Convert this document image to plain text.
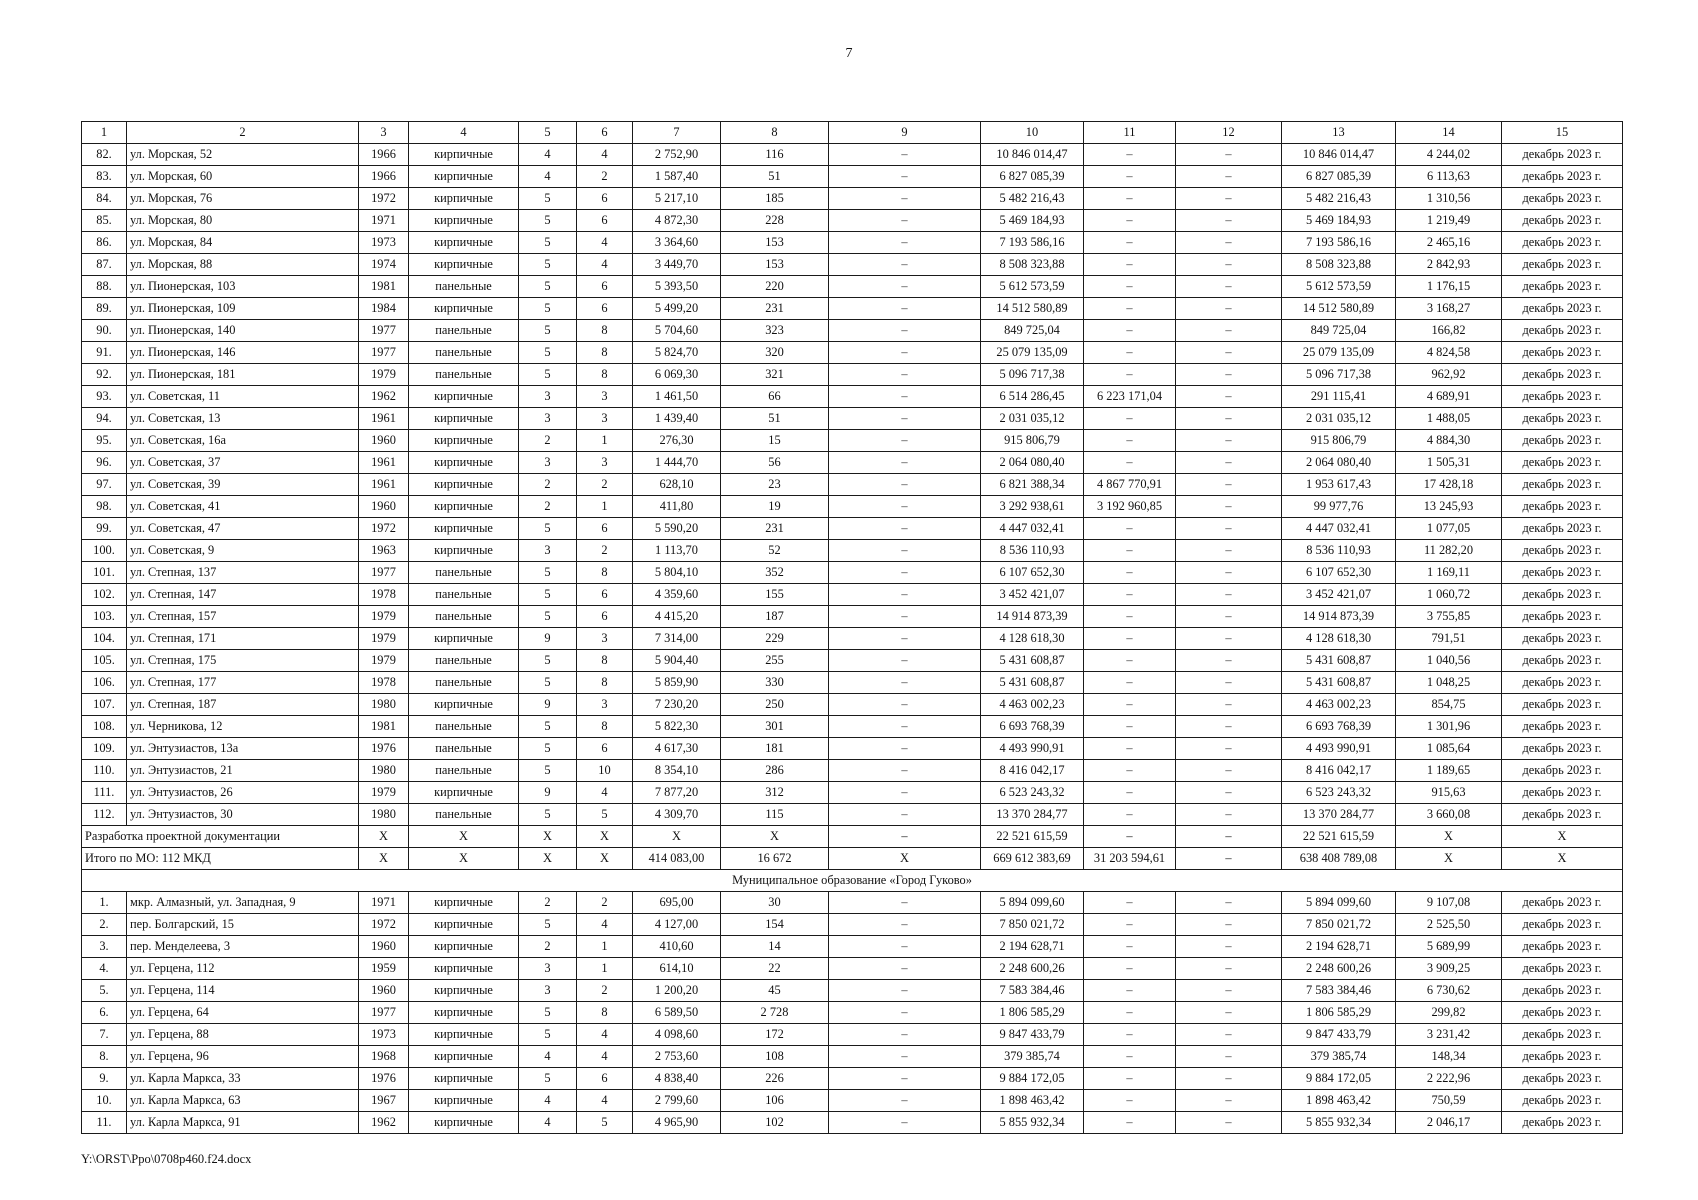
7
1	2	3	4	5	6	7	8	9	10	11	12	13	14	15
82.	ул. Морская, 52	1966	кирпичные	4	4	2 752,90	116	–	10 846 014,47	–	–	10 846 014,47	4 244,02	декабрь 2023 г.
83.	ул. Морская, 60	1966	кирпичные	4	2	1 587,40	51	–	6 827 085,39	–	–	6 827 085,39	6 113,63	декабрь 2023 г.
84.	ул. Морская, 76	1972	кирпичные	5	6	5 217,10	185	–	5 482 216,43	–	–	5 482 216,43	1 310,56	декабрь 2023 г.
85.	ул. Морская, 80	1971	кирпичные	5	6	4 872,30	228	–	5 469 184,93	–	–	5 469 184,93	1 219,49	декабрь 2023 г.
86.	ул. Морская, 84	1973	кирпичные	5	4	3 364,60	153	–	7 193 586,16	–	–	7 193 586,16	2 465,16	декабрь 2023 г.
87.	ул. Морская, 88	1974	кирпичные	5	4	3 449,70	153	–	8 508 323,88	–	–	8 508 323,88	2 842,93	декабрь 2023 г.
88.	ул. Пионерская, 103	1981	панельные	5	6	5 393,50	220	–	5 612 573,59	–	–	5 612 573,59	1 176,15	декабрь 2023 г.
89.	ул. Пионерская, 109	1984	кирпичные	5	6	5 499,20	231	–	14 512 580,89	–	–	14 512 580,89	3 168,27	декабрь 2023 г.
90.	ул. Пионерская, 140	1977	панельные	5	8	5 704,60	323	–	849 725,04	–	–	849 725,04	166,82	декабрь 2023 г.
91.	ул. Пионерская, 146	1977	панельные	5	8	5 824,70	320	–	25 079 135,09	–	–	25 079 135,09	4 824,58	декабрь 2023 г.
92.	ул. Пионерская, 181	1979	панельные	5	8	6 069,30	321	–	5 096 717,38	–	–	5 096 717,38	962,92	декабрь 2023 г.
93.	ул. Советская, 11	1962	кирпичные	3	3	1 461,50	66	–	6 514 286,45	6 223 171,04	–	291 115,41	4 689,91	декабрь 2023 г.
94.	ул. Советская, 13	1961	кирпичные	3	3	1 439,40	51	–	2 031 035,12	–	–	2 031 035,12	1 488,05	декабрь 2023 г.
95.	ул. Советская, 16а	1960	кирпичные	2	1	276,30	15	–	915 806,79	–	–	915 806,79	4 884,30	декабрь 2023 г.
96.	ул. Советская, 37	1961	кирпичные	3	3	1 444,70	56	–	2 064 080,40	–	–	2 064 080,40	1 505,31	декабрь 2023 г.
97.	ул. Советская, 39	1961	кирпичные	2	2	628,10	23	–	6 821 388,34	4 867 770,91	–	1 953 617,43	17 428,18	декабрь 2023 г.
98.	ул. Советская, 41	1960	кирпичные	2	1	411,80	19	–	3 292 938,61	3 192 960,85	–	99 977,76	13 245,93	декабрь 2023 г.
99.	ул. Советская, 47	1972	кирпичные	5	6	5 590,20	231	–	4 447 032,41	–	–	4 447 032,41	1 077,05	декабрь 2023 г.
100.	ул. Советская, 9	1963	кирпичные	3	2	1 113,70	52	–	8 536 110,93	–	–	8 536 110,93	11 282,20	декабрь 2023 г.
101.	ул. Степная, 137	1977	панельные	5	8	5 804,10	352	–	6 107 652,30	–	–	6 107 652,30	1 169,11	декабрь 2023 г.
102.	ул. Степная, 147	1978	панельные	5	6	4 359,60	155	–	3 452 421,07	–	–	3 452 421,07	1 060,72	декабрь 2023 г.
103.	ул. Степная, 157	1979	панельные	5	6	4 415,20	187	–	14 914 873,39	–	–	14 914 873,39	3 755,85	декабрь 2023 г.
104.	ул. Степная, 171	1979	кирпичные	9	3	7 314,00	229	–	4 128 618,30	–	–	4 128 618,30	791,51	декабрь 2023 г.
105.	ул. Степная, 175	1979	панельные	5	8	5 904,40	255	–	5 431 608,87	–	–	5 431 608,87	1 040,56	декабрь 2023 г.
106.	ул. Степная, 177	1978	панельные	5	8	5 859,90	330	–	5 431 608,87	–	–	5 431 608,87	1 048,25	декабрь 2023 г.
107.	ул. Степная, 187	1980	кирпичные	9	3	7 230,20	250	–	4 463 002,23	–	–	4 463 002,23	854,75	декабрь 2023 г.
108.	ул. Черникова, 12	1981	панельные	5	8	5 822,30	301	–	6 693 768,39	–	–	6 693 768,39	1 301,96	декабрь 2023 г.
109.	ул. Энтузиастов, 13а	1976	панельные	5	6	4 617,30	181	–	4 493 990,91	–	–	4 493 990,91	1 085,64	декабрь 2023 г.
110.	ул. Энтузиастов, 21	1980	панельные	5	10	8 354,10	286	–	8 416 042,17	–	–	8 416 042,17	1 189,65	декабрь 2023 г.
111.	ул. Энтузиастов, 26	1979	кирпичные	9	4	7 877,20	312	–	6 523 243,32	–	–	6 523 243,32	915,63	декабрь 2023 г.
112.	ул. Энтузиастов, 30	1980	панельные	5	5	4 309,70	115	–	13 370 284,77	–	–	13 370 284,77	3 660,08	декабрь 2023 г.
Разработка проектной документации		X	X	X	X	X	X	–	22 521 615,59	–	–	22 521 615,59	X	X
Итого по МО: 112 МКД		X	X	X	X	414 083,00	16 672	X	669 612 383,69	31 203 594,61	–	638 408 789,08	X	X
Муниципальное образование «Город Гуково»														
1.	мкр. Алмазный, ул. Западная, 9	1971	кирпичные	2	2	695,00	30	–	5 894 099,60	–	–	5 894 099,60	9 107,08	декабрь 2023 г.
2.	пер. Болгарский, 15	1972	кирпичные	5	4	4 127,00	154	–	7 850 021,72	–	–	7 850 021,72	2 525,50	декабрь 2023 г.
3.	пер. Менделеева, 3	1960	кирпичные	2	1	410,60	14	–	2 194 628,71	–	–	2 194 628,71	5 689,99	декабрь 2023 г.
4.	ул. Герцена, 112	1959	кирпичные	3	1	614,10	22	–	2 248 600,26	–	–	2 248 600,26	3 909,25	декабрь 2023 г.
5.	ул. Герцена, 114	1960	кирпичные	3	2	1 200,20	45	–	7 583 384,46	–	–	7 583 384,46	6 730,62	декабрь 2023 г.
6.	ул. Герцена, 64	1977	кирпичные	5	8	6 589,50	2 728	–	1 806 585,29	–	–	1 806 585,29	299,82	декабрь 2023 г.
7.	ул. Герцена, 88	1973	кирпичные	5	4	4 098,60	172	–	9 847 433,79	–	–	9 847 433,79	3 231,42	декабрь 2023 г.
8.	ул. Герцена, 96	1968	кирпичные	4	4	2 753,60	108	–	379 385,74	–	–	379 385,74	148,34	декабрь 2023 г.
9.	ул. Карла Маркса, 33	1976	кирпичные	5	6	4 838,40	226	–	9 884 172,05	–	–	9 884 172,05	2 222,96	декабрь 2023 г.
10.	ул. Карла Маркса, 63	1967	кирпичные	4	4	2 799,60	106	–	1 898 463,42	–	–	1 898 463,42	750,59	декабрь 2023 г.
11.	ул. Карла Маркса, 91	1962	кирпичные	4	5	4 965,90	102	–	5 855 932,34	–	–	5 855 932,34	2 046,17	декабрь 2023 г.
Y:\ORST\Ppo\0708p460.f24.docx
